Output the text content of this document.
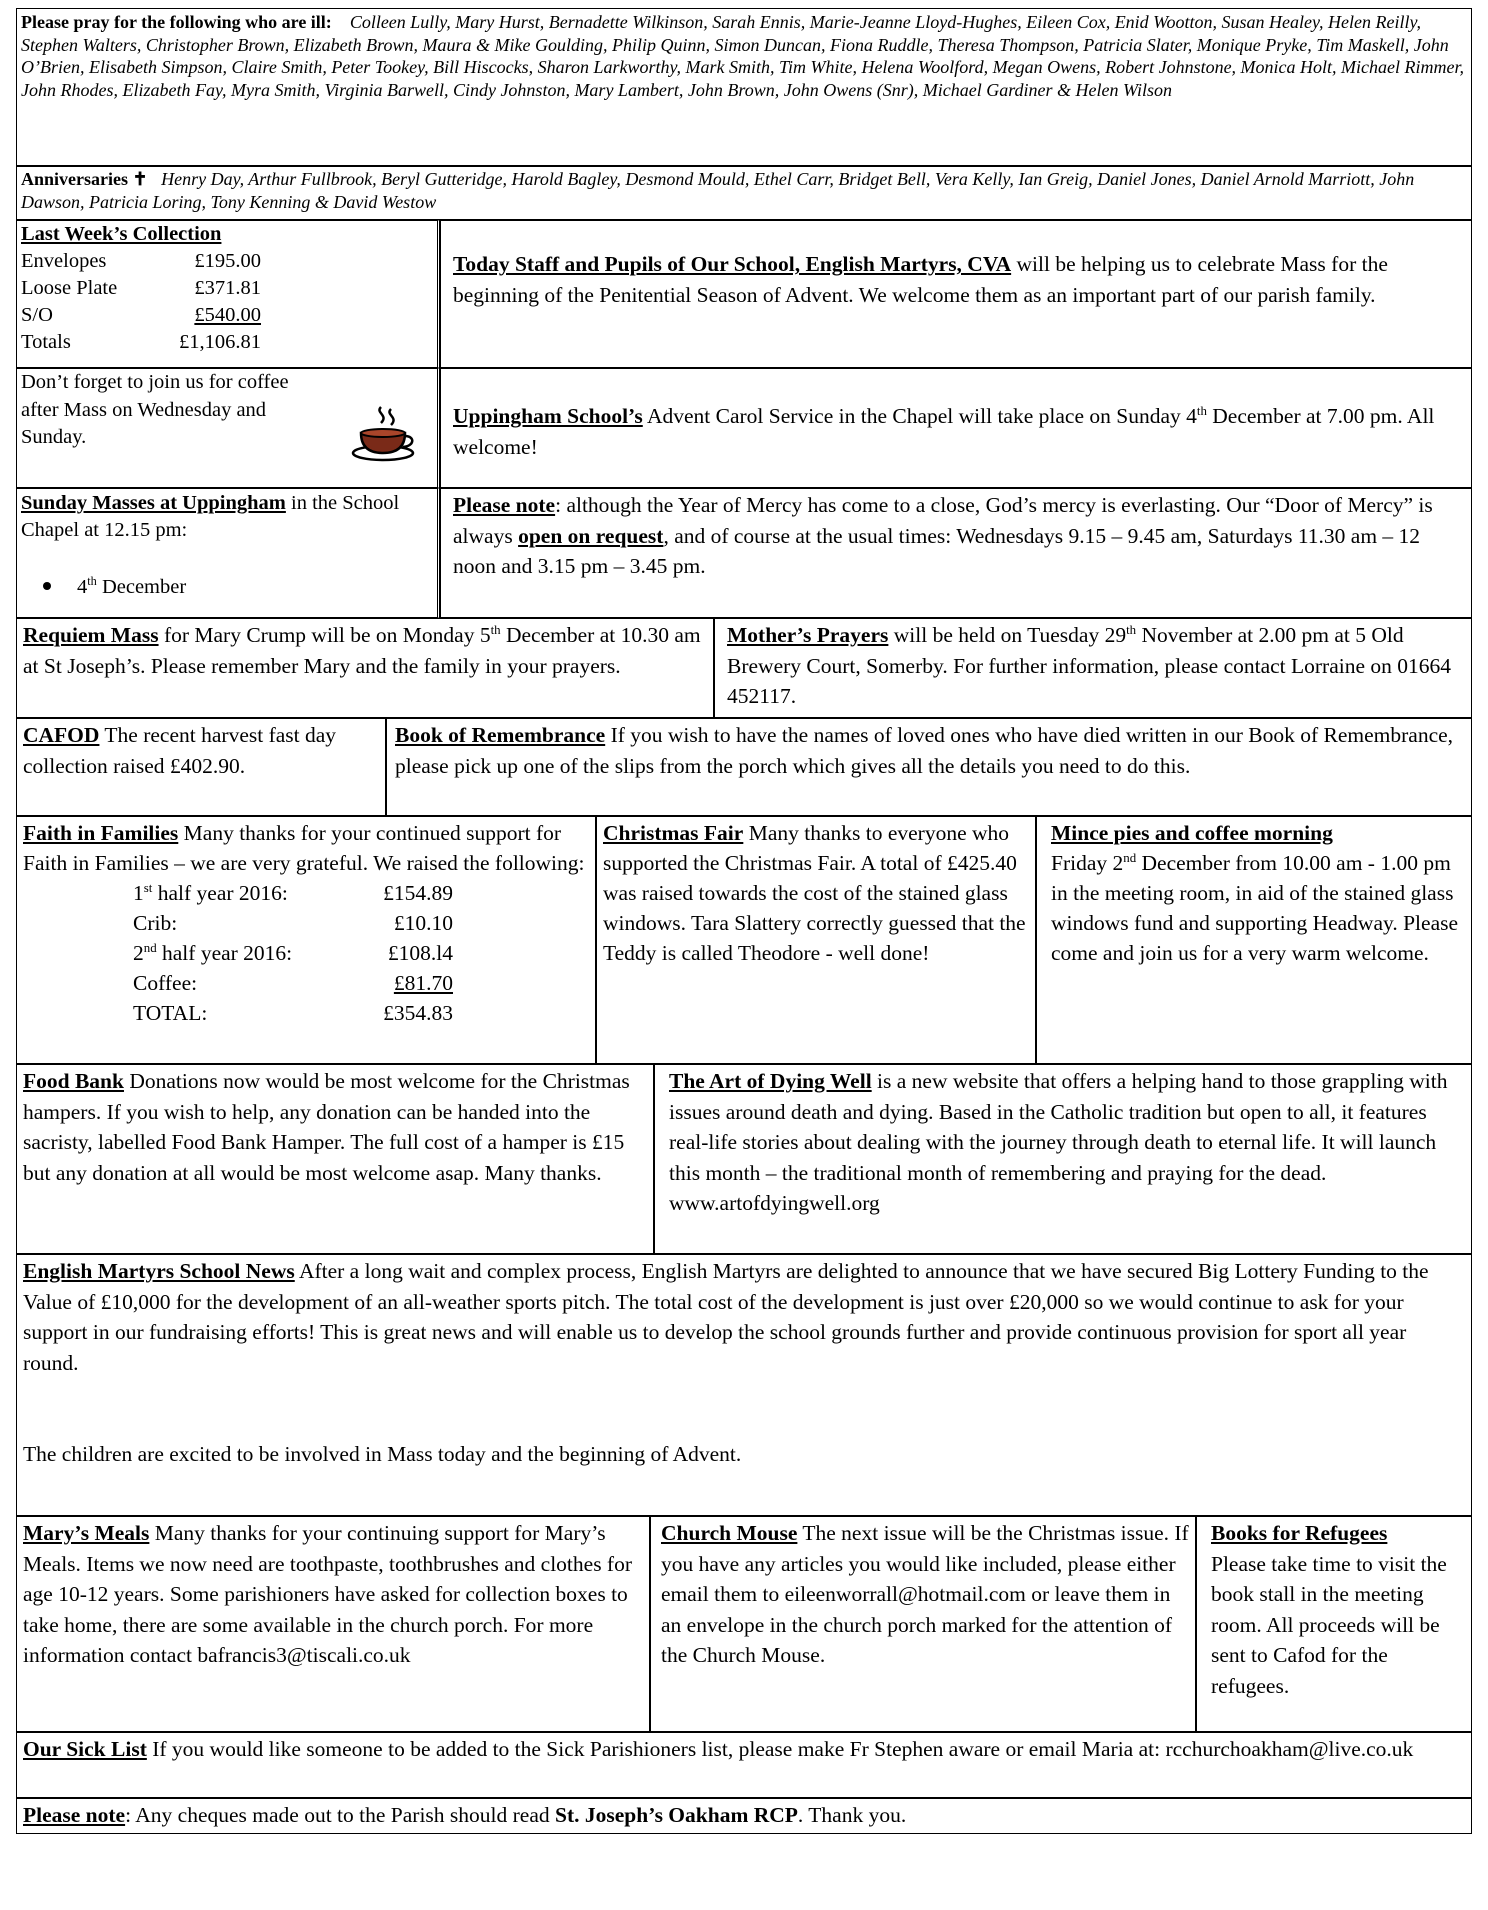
Please pray for the following who are ill: Colleen Lully, Mary Hurst, Bernadette Wilkinson, Sarah Ennis, Marie-Jeanne Lloyd-Hughes, Eileen Cox, Enid Wootton, Susan Healey, Helen Reilly, Stephen Walters, Christopher Brown, Elizabeth Brown, Maura & Mike Goulding, Philip Quinn, Simon Duncan, Fiona Ruddle, Theresa Thompson, Patricia Slater, Monique Pryke, Tim Maskell, John O’Brien, Elisabeth Simpson, Claire Smith, Peter Tookey, Bill Hiscocks, Sharon Larkworthy, Mark Smith, Tim White, Helena Woolford, Megan Owens, Robert Johnstone, Monica Holt, Michael Rimmer, John Rhodes, Elizabeth Fay, Myra Smith, Virginia Barwell, Cindy Johnston, Mary Lambert, John Brown, John Owens (Snr), Michael Gardiner & Helen Wilson
Anniversaries ✝ Henry Day, Arthur Fullbrook, Beryl Gutteridge, Harold Bagley, Desmond Mould, Ethel Carr, Bridget Bell, Vera Kelly, Ian Greig, Daniel Jones, Daniel Arnold Marriott, John Dawson, Patricia Loring, Tony Kenning & David Westow
Last Week’s Collection
Envelopes	£195.00
Loose Plate	£371.81
S/O	£540.00
Totals	£1,106.81
Today Staff and Pupils of Our School, English Martyrs, CVA will be helping us to celebrate Mass for the beginning of the Penitential Season of Advent. We welcome them as an important part of our parish family.
Don’t forget to join us for coffee after Mass on Wednesday and Sunday.
Uppingham School’s Advent Carol Service in the Chapel will take place on Sunday 4th December at 7.00 pm. All welcome!
Sunday Masses at Uppingham in the School Chapel at 12.15 pm:
4th December
Please note: although the Year of Mercy has come to a close, God’s mercy is everlasting. Our “Door of Mercy” is always open on request, and of course at the usual times: Wednesdays 9.15 – 9.45 am, Saturdays 11.30 am – 12 noon and 3.15 pm – 3.45 pm.
Requiem Mass for Mary Crump will be on Monday 5th December at 10.30 am at St Joseph’s. Please remember Mary and the family in your prayers.
Mother’s Prayers will be held on Tuesday 29th November at 2.00 pm at 5 Old Brewery Court, Somerby. For further information, please contact Lorraine on 01664 452117.
CAFOD The recent harvest fast day collection raised £402.90.
Book of Remembrance If you wish to have the names of loved ones who have died written in our Book of Remembrance, please pick up one of the slips from the porch which gives all the details you need to do this.
Faith in Families Many thanks for your continued support for Faith in Families – we are very grateful. We raised the following:
1st half year 2016:	£154.89
Crib:	£10.10
2nd half year 2016:	£108.l4
Coffee:	£81.70
TOTAL:	£354.83
Christmas Fair Many thanks to everyone who supported the Christmas Fair. A total of £425.40 was raised towards the cost of the stained glass windows. Tara Slattery correctly guessed that the Teddy is called Theodore - well done!
Mince pies and coffee morning
Friday 2nd December from 10.00 am - 1.00 pm in the meeting room, in aid of the stained glass windows fund and supporting Headway. Please come and join us for a very warm welcome.
Food Bank Donations now would be most welcome for the Christmas hampers. If you wish to help, any donation can be handed into the sacristy, labelled Food Bank Hamper. The full cost of a hamper is £15 but any donation at all would be most welcome asap. Many thanks.
The Art of Dying Well is a new website that offers a helping hand to those grappling with issues around death and dying. Based in the Catholic tradition but open to all, it features real-life stories about dealing with the journey through death to eternal life. It will launch this month – the traditional month of remembering and praying for the dead. www.artofdyingwell.org
English Martyrs School News After a long wait and complex process, English Martyrs are delighted to announce that we have secured Big Lottery Funding to the Value of £10,000 for the development of an all-weather sports pitch. The total cost of the development is just over £20,000 so we would continue to ask for your support in our fundraising efforts! This is great news and will enable us to develop the school grounds further and provide continuous provision for sport all year round.
The children are excited to be involved in Mass today and the beginning of Advent.
Mary’s Meals Many thanks for your continuing support for Mary’s Meals. Items we now need are toothpaste, toothbrushes and clothes for age 10-12 years. Some parishioners have asked for collection boxes to take home, there are some available in the church porch. For more information contact bafrancis3@tiscali.co.uk
Church Mouse The next issue will be the Christmas issue. If you have any articles you would like included, please either email them to eileenworrall@hotmail.com or leave them in an envelope in the church porch marked for the attention of the Church Mouse.
Books for Refugees
Please take time to visit the book stall in the meeting room. All proceeds will be sent to Cafod for the refugees.
Our Sick List If you would like someone to be added to the Sick Parishioners list, please make Fr Stephen aware or email Maria at: rcchurchoakham@live.co.uk
Please note: Any cheques made out to the Parish should read St. Joseph’s Oakham RCP. Thank you.
